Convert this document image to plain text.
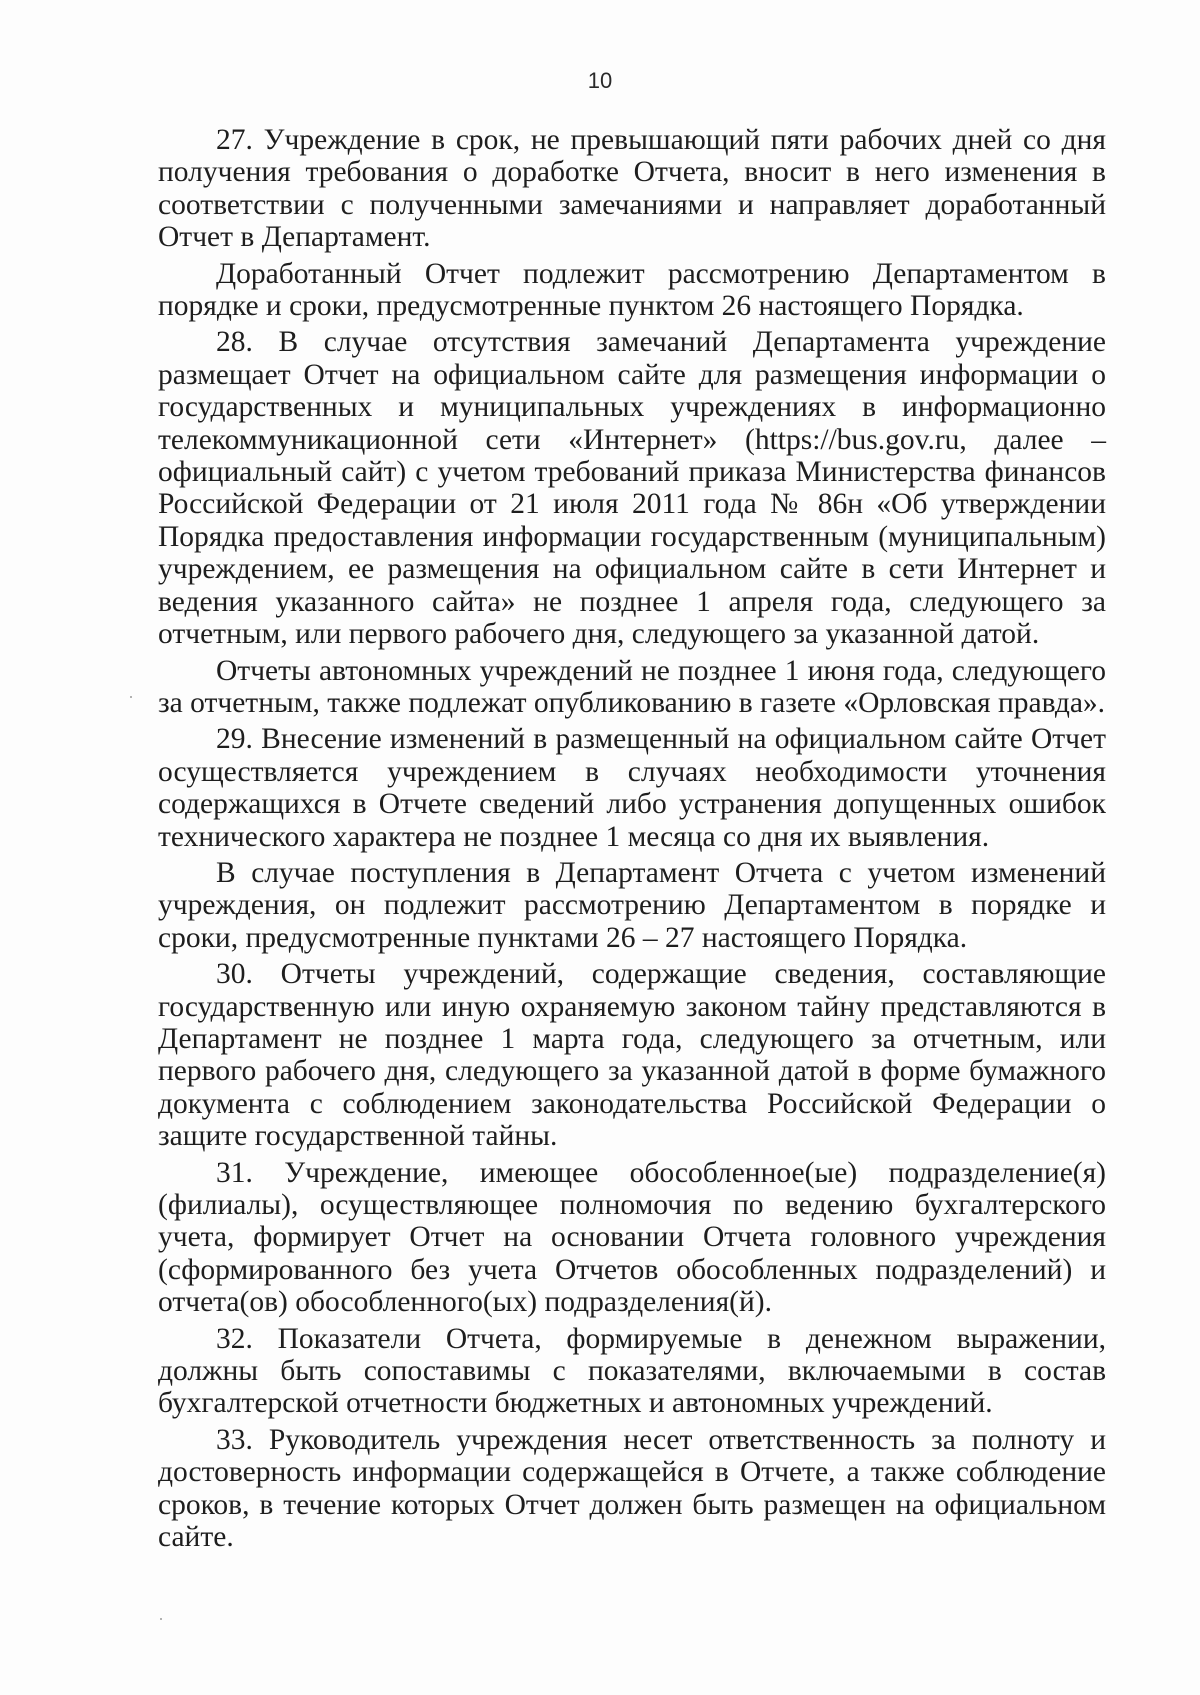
10

27. Учреждение в срок, не превышающий пяти рабочих дней со дня получения требования о доработке Отчета, вносит в него изменения в соответствии с полученными замечаниями и направляет доработанный Отчет в Департамент.

Доработанный Отчет подлежит рассмотрению Департаментом в порядке и сроки, предусмотренные пунктом 26 настоящего Порядка.

28. В случае отсутствия замечаний Департамента учреждение размещает Отчет на официальном сайте для размещения информации о государственных и муниципальных учреждениях в информационно телекоммуникационной сети «Интернет» (https://bus.gov.ru, далее – официальный сайт) с учетом требований приказа Министерства финансов Российской Федерации от 21 июля 2011 года № 86н «Об утверждении Порядка предоставления информации государственным (муниципальным) учреждением, ее размещения на официальном сайте в сети Интернет и ведения указанного сайта» не позднее 1 апреля года, следующего за отчетным, или первого рабочего дня, следующего за указанной датой.

Отчеты автономных учреждений не позднее 1 июня года, следующего за отчетным, также подлежат опубликованию в газете «Орловская правда».

29. Внесение изменений в размещенный на официальном сайте Отчет осуществляется учреждением в случаях необходимости уточнения содержащихся в Отчете сведений либо устранения допущенных ошибок технического характера не позднее 1 месяца со дня их выявления.

В случае поступления в Департамент Отчета с учетом изменений учреждения, он подлежит рассмотрению Департаментом в порядке и сроки, предусмотренные пунктами 26 – 27 настоящего Порядка.

30. Отчеты учреждений, содержащие сведения, составляющие государственную или иную охраняемую законом тайну представляются в Департамент не позднее 1 марта года, следующего за отчетным, или первого рабочего дня, следующего за указанной датой в форме бумажного документа с соблюдением законодательства Российской Федерации о защите государственной тайны.

31. Учреждение, имеющее обособленное(ые) подразделение(я) (филиалы), осуществляющее полномочия по ведению бухгалтерского учета, формирует Отчет на основании Отчета головного учреждения (сформированного без учета Отчетов обособленных подразделений) и отчета(ов) обособленного(ых) подразделения(й).

32. Показатели Отчета, формируемые в денежном выражении, должны быть сопоставимы с показателями, включаемыми в состав бухгалтерской отчетности бюджетных и автономных учреждений.

33. Руководитель учреждения несет ответственность за полноту и достоверность информации содержащейся в Отчете, а также соблюдение сроков, в течение которых Отчет должен быть размещен на официальном сайте.
